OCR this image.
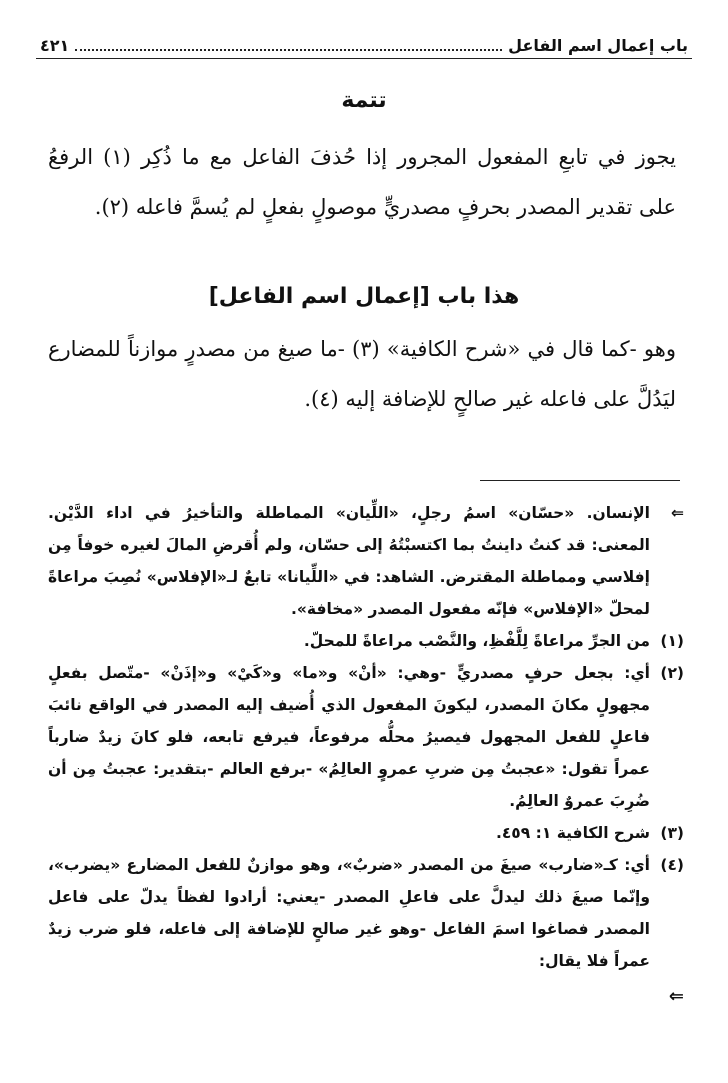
باب إعمال اسم الفاعل
٤٢١
تتمة
يجوز في تابعِ المفعول المجرور إذا حُذفَ الفاعل مع ما ذُكِر (١) الرفعُ على تقدير المصدر بحرفٍ مصدريٍّ موصولٍ بفعلٍ لم يُسمَّ فاعله (٢).
هذا باب [إعمال اسم الفاعل]
وهو -كما قال في «شرح الكافية» (٣) -ما صيغ من مصدرٍ موازناً للمضارع ليَدُلَّ على فاعله غير صالحٍ للإضافة إليه (٤).
⇐
الإنسان. «حسّان» اسمُ رجلٍ، «اللِّيان» المماطلة والتأخيرُ في اداء الدَّيْن. المعنى: قد كنتُ داينتُ بما اكتسبْتُهُ إلى حسّان، ولم أُقرضِ المالَ لغيره خوفاً مِن إفلاسي ومماطلة المقترض. الشاهد: في «اللِّيانا» تابعٌ لـ«الإفلاس» نُصِبَ مراعاةً لمحلّ «الإفلاس» فإنّه مفعول المصدر «مخافة».
(١)
من الجرِّ مراعاةً لِلَّفْظِ، والنَّصْب مراعاةً للمحلّ.
(٢)
أي: بجعل حرفٍ مصدريٍّ -وهي: «أنْ» و«ما» و«كَيْ» و«إذَنْ» -متّصل بفعلٍ مجهولٍ مكانَ المصدر، ليكونَ المفعول الذي أُضيف إليه المصدر في الواقع نائبَ فاعلٍ للفعل المجهول فيصيرُ محلُّه مرفوعاً، فيرفع تابعه، فلو كانَ زيدٌ ضارباً عمراً تقول: «عجبتُ مِن ضربِ عمروٍ العالِمُ» -برفع العالم -بتقدير: عجبتُ مِن أن ضُرِبَ عمروٌ العالِمُ.
(٣)
شرح الكافية ١: ٤٥٩.
(٤)
أي: كـ«ضارب» صيغَ من المصدر «ضربٌ»، وهو موازنٌ للفعل المضارع «يضرب»، وإنّما صيغَ ذلك ليدلَّ على فاعلِ المصدر -يعني: أرادوا لفظاً يدلّ على فاعل المصدر فصاغوا اسمَ الفاعل -وهو غير صالحٍ للإضافة إلى فاعله، فلو ضرب زيدٌ عمراً فلا يقال:
⇐
